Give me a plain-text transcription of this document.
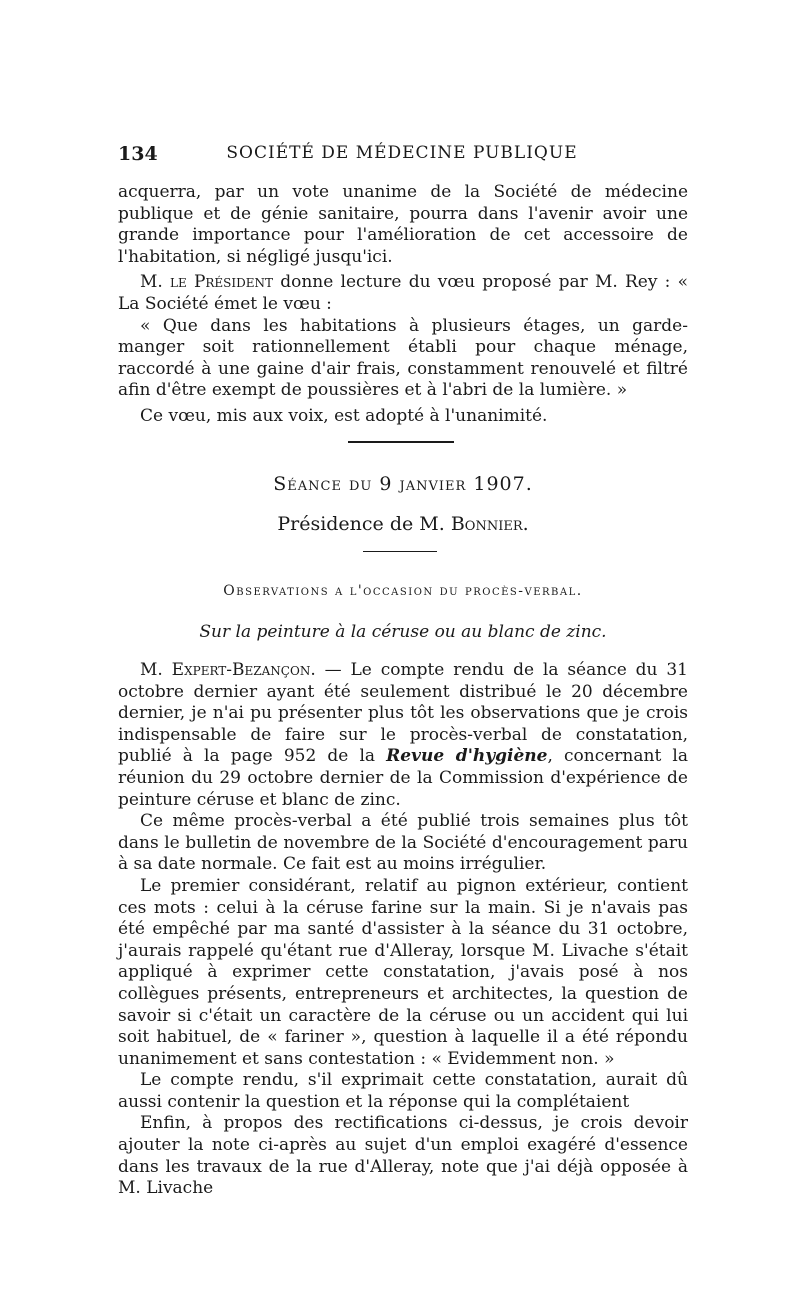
134	SOCIÉTÉ DE MÉDECINE PUBLIQUE

acquerra, par un vote unanime de la Société de médecine publique et de génie sanitaire, pourra dans l'avenir avoir une grande importance pour l'amélioration de cet accessoire de l'habitation, si négligé jusqu'ici.

M. le Président donne lecture du vœu proposé par M. Rey : « La Société émet le vœu :

« Que dans les habitations à plusieurs étages, un garde-manger soit rationnellement établi pour chaque ménage, raccordé à une gaine d'air frais, constamment renouvelé et filtré afin d'être exempt de poussières et à l'abri de la lumière. »

Ce vœu, mis aux voix, est adopté à l'unanimité.

Séance du 9 janvier 1907.
Présidence de M. Bonnier.
Observations a l'occasion du procès-verbal.
Sur la peinture à la céruse ou au blanc de zinc.

M. Expert-Bezançon. — Le compte rendu de la séance du 31 octobre dernier ayant été seulement distribué le 20 décembre dernier, je n'ai pu présenter plus tôt les observations que je crois indispensable de faire sur le procès-verbal de constatation, publié à la page 952 de la Revue d'hygiène, concernant la réunion du 29 octobre dernier de la Commission d'expérience de peinture céruse et blanc de zinc.

Ce même procès-verbal a été publié trois semaines plus tôt dans le bulletin de novembre de la Société d'encouragement paru à sa date normale. Ce fait est au moins irrégulier.

Le premier considérant, relatif au pignon extérieur, contient ces mots : celui à la céruse farine sur la main. Si je n'avais pas été empêché par ma santé d'assister à la séance du 31 octobre, j'aurais rappelé qu'étant rue d'Alleray, lorsque M. Livache s'était appliqué à exprimer cette constatation, j'avais posé à nos collègues présents, entrepreneurs et architectes, la question de savoir si c'était un caractère de la céruse ou un accident qui lui soit habituel, de « fariner », question à laquelle il a été répondu unanimement et sans contestation : « Evidemment non. »

Le compte rendu, s'il exprimait cette constatation, aurait dû aussi contenir la question et la réponse qui la complétaient

Enfin, à propos des rectifications ci-dessus, je crois devoir ajouter la note ci-après au sujet d'un emploi exagéré d'essence dans les travaux de la rue d'Alleray, note que j'ai déjà opposée à M. Livache
